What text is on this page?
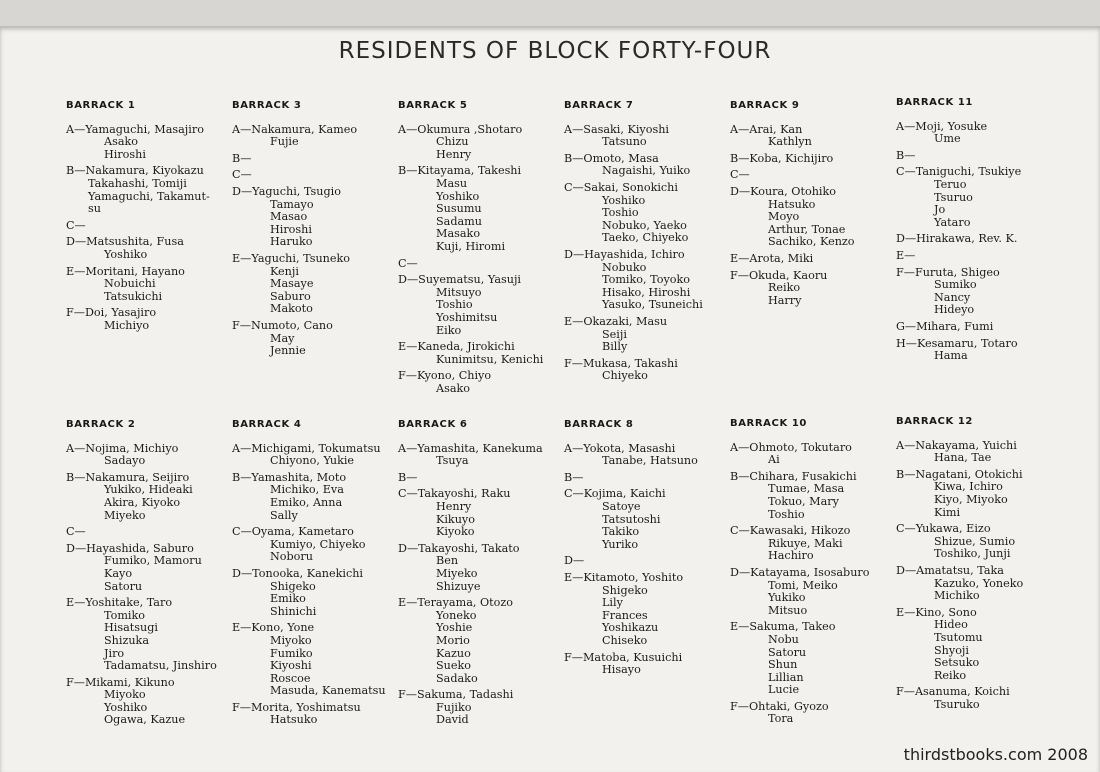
RESIDENTS OF BLOCK FORTY-FOUR
BARRACK 1
A—Yamaguchi, Masajiro
Asako
Hiroshi
B—Nakamura, Kiyokazu
Takahashi, Tomiji
Yamaguchi, Takamut-
su
C—
D—Matsushita, Fusa
Yoshiko
E—Moritani, Hayano
Nobuichi
Tatsukichi
F—Doi, Yasajiro
Michiyo
BARRACK 3
A—Nakamura, Kameo
Fujie
B—
C—
D—Yaguchi, Tsugio
Tamayo
Masao
Hiroshi
Haruko
E—Yaguchi, Tsuneko
Kenji
Masaye
Saburo
Makoto
F—Numoto, Cano
May
Jennie
BARRACK 5
A—Okumura ,Shotaro
Chizu
Henry
B—Kitayama, Takeshi
Masu
Yoshiko
Susumu
Sadamu
Masako
Kuji, Hiromi
C—
D—Suyematsu, Yasuji
Mitsuyo
Toshio
Yoshimitsu
Eiko
E—Kaneda, Jirokichi
Kunimitsu, Kenichi
F—Kyono, Chiyo
Asako
BARRACK 7
A—Sasaki, Kiyoshi
Tatsuno
B—Omoto, Masa
Nagaishi, Yuiko
C—Sakai, Sonokichi
Yoshiko
Toshio
Nobuko, Yaeko
Taeko, Chiyeko
D—Hayashida, Ichiro
Nobuko
Tomiko, Toyoko
Hisako, Hiroshi
Yasuko, Tsuneichi
E—Okazaki, Masu
Seiji
Billy
F—Mukasa, Takashi
Chiyeko
BARRACK 9
A—Arai, Kan
Kathlyn
B—Koba, Kichijiro
C—
D—Koura, Otohiko
Hatsuko
Moyo
Arthur, Tonae
Sachiko, Kenzo
E—Arota, Miki
F—Okuda, Kaoru
Reiko
Harry
BARRACK 11
A—Moji, Yosuke
Ume
B—
C—Taniguchi, Tsukiye
Teruo
Tsuruo
Jo
Yataro
D—Hirakawa, Rev. K.
E—
F—Furuta, Shigeo
Sumiko
Nancy
Hideyo
G—Mihara, Fumi
H—Kesamaru, Totaro
Hama
BARRACK 2
A—Nojima, Michiyo
Sadayo
B—Nakamura, Seijiro
Yukiko, Hideaki
Akira, Kiyoko
Miyeko
C—
D—Hayashida, Saburo
Fumiko, Mamoru
Kayo
Satoru
E—Yoshitake, Taro
Tomiko
Hisatsugi
Shizuka
Jiro
Tadamatsu, Jinshiro
F—Mikami, Kikuno
Miyoko
Yoshiko
Ogawa, Kazue
BARRACK 4
A—Michigami, Tokumatsu
Chiyono, Yukie
B—Yamashita, Moto
Michiko, Eva
Emiko, Anna
Sally
C—Oyama, Kametaro
Kumiyo, Chiyeko
Noboru
D—Tonooka, Kanekichi
Shigeko
Emiko
Shinichi
E—Kono, Yone
Miyoko
Fumiko
Kiyoshi
Roscoe
Masuda, Kanematsu
F—Morita, Yoshimatsu
Hatsuko
BARRACK 6
A—Yamashita, Kanekuma
Tsuya
B—
C—Takayoshi, Raku
Henry
Kikuyo
Kiyoko
D—Takayoshi, Takato
Ben
Miyeko
Shizuye
E—Terayama, Otozo
Yoneko
Yoshie
Morio
Kazuo
Sueko
Sadako
F—Sakuma, Tadashi
Fujiko
David
BARRACK 8
A—Yokota, Masashi
Tanabe, Hatsuno
B—
C—Kojima, Kaichi
Satoye
Tatsutoshi
Takiko
Yuriko
D—
E—Kitamoto, Yoshito
Shigeko
Lily
Frances
Yoshikazu
Chiseko
F—Matoba, Kusuichi
Hisayo
BARRACK 10
A—Ohmoto, Tokutaro
Ai
B—Chihara, Fusakichi
Tumae, Masa
Tokuo, Mary
Toshio
C—Kawasaki, Hikozo
Rikuye, Maki
Hachiro
D—Katayama, Isosaburo
Tomi, Meiko
Yukiko
Mitsuo
E—Sakuma, Takeo
Nobu
Satoru
Shun
Lillian
Lucie
F—Ohtaki, Gyozo
Tora
BARRACK 12
A—Nakayama, Yuichi
Hana, Tae
B—Nagatani, Otokichi
Kiwa, Ichiro
Kiyo, Miyoko
Kimi
C—Yukawa, Eizo
Shizue, Sumio
Toshiko, Junji
D—Amatatsu, Taka
Kazuko, Yoneko
Michiko
E—Kino, Sono
Hideo
Tsutomu
Shyoji
Setsuko
Reiko
F—Asanuma, Koichi
Tsuruko
thirdstbooks.com 2008
